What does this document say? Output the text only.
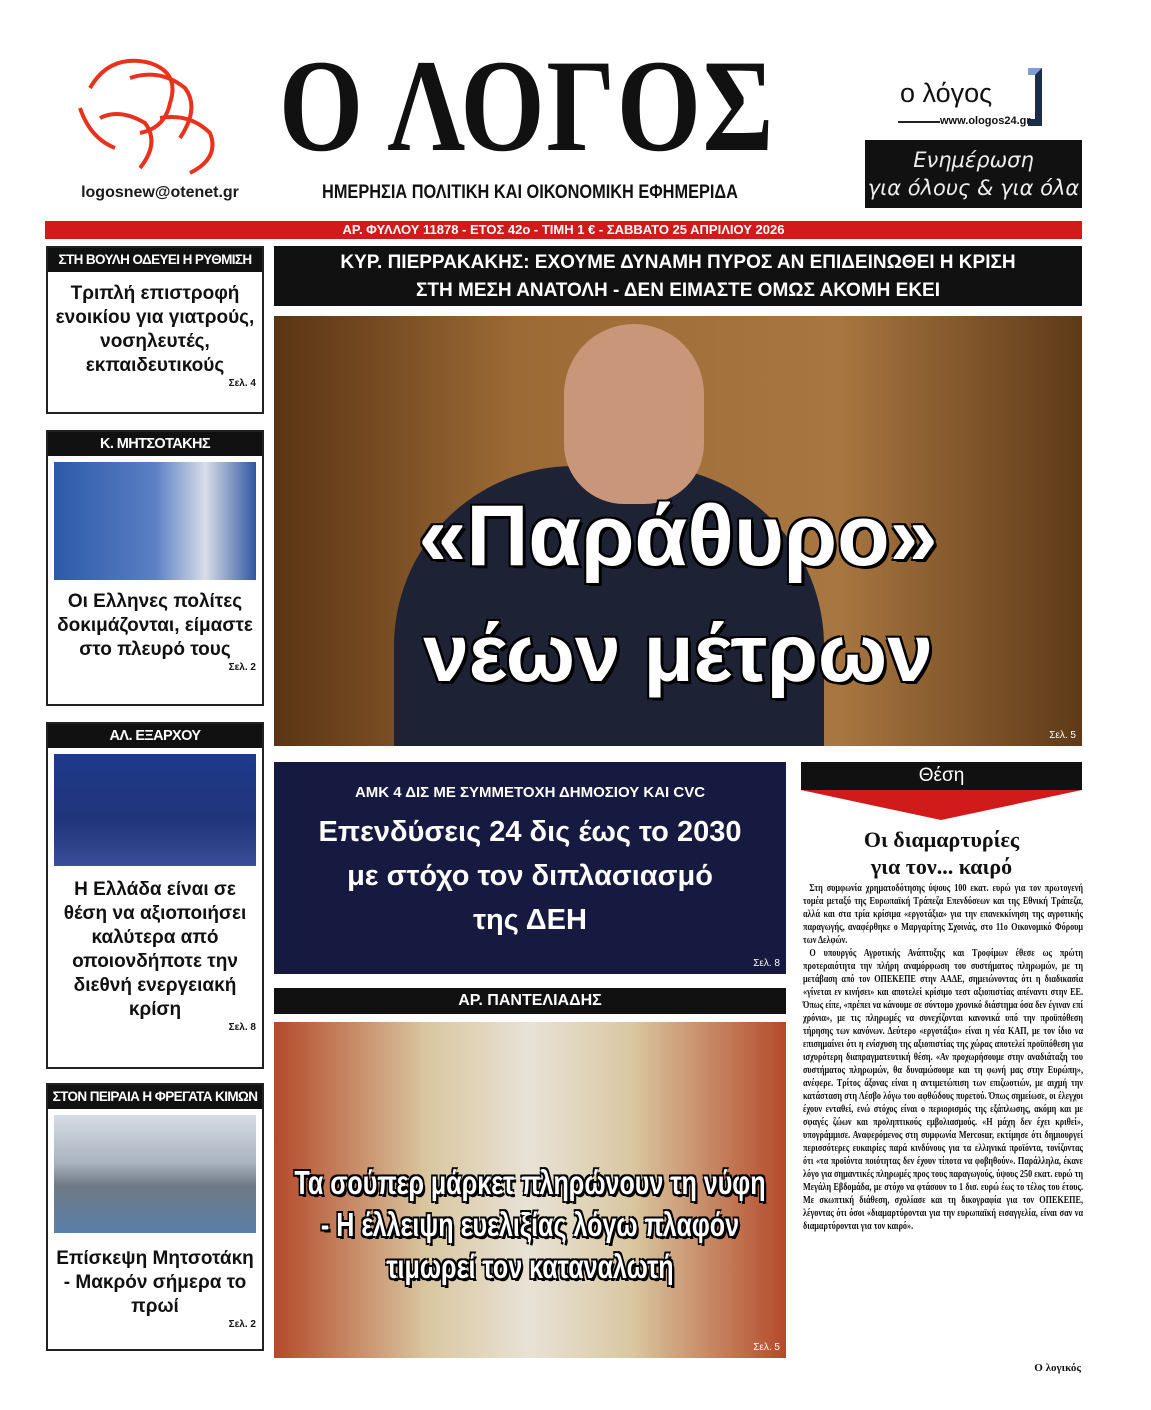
logosnew@otenet.gr
Ο ΛΟΓΟΣ
ΗΜΕΡΗΣΙΑ ΠΟΛΙΤΙΚΗ ΚΑΙ ΟΙΚΟΝΟΜΙΚΗ ΕΦΗΜΕΡΙΔΑ
ο λόγος
www.ologos24.gr
Ενημέρωση
για όλους & για όλα
ΑΡ. ΦΥΛΛΟΥ 11878 - ΕΤΟΣ 42ο - ΤΙΜΗ 1 € - ΣΑΒΒΑΤΟ 25 ΑΠΡΙΛΙΟΥ 2026
ΣΤΗ ΒΟΥΛΗ ΟΔΕΥΕΙ Η ΡΥΘΜΙΣΗ
Τριπλή επιστροφή ενοικίου για γιατρούς, νοσηλευτές, εκπαιδευτικούς
Σελ. 4
Κ. ΜΗΤΣΟΤΑΚΗΣ
Οι Ελληνες πολίτες δοκιμάζονται, είμαστε στο πλευρό τους
Σελ. 2
ΑΛ. ΕΞΑΡΧΟΥ
Η Ελλάδα είναι σε θέση να αξιοποιήσει καλύτερα από οποιονδήποτε την διεθνή ενεργειακή κρίση
Σελ. 8
ΣΤΟΝ ΠΕΙΡΑΙΑ Η ΦΡΕΓΑΤΑ ΚΙΜΩΝ
Επίσκεψη Μητσοτάκη - Μακρόν σήμερα το πρωί
Σελ. 2
ΚΥΡ. ΠΙΕΡΡΑΚΑΚΗΣ: ΕΧΟΥΜΕ ΔΥΝΑΜΗ ΠΥΡΟΣ ΑΝ ΕΠΙΔΕΙΝΩΘΕΙ Η ΚΡΙΣΗ
ΣΤΗ ΜΕΣΗ ΑΝΑΤΟΛΗ - ΔΕΝ ΕΙΜΑΣΤΕ ΟΜΩΣ ΑΚΟΜΗ ΕΚΕΙ
«Παράθυρο»
νέων μέτρων
Σελ. 5
ΑΜΚ 4 ΔΙΣ ΜΕ ΣΥΜΜΕΤΟΧΗ ΔΗΜΟΣΙΟΥ ΚΑΙ CVC
Επενδύσεις 24 δις έως το 2030
με στόχο τον διπλασιασμό
της ΔΕΗ
Σελ. 8
ΑΡ. ΠΑΝΤΕΛΙΑΔΗΣ
Τα σούπερ μάρκετ πληρώνουν τη νύφη
- Η έλλειψη ευελιξίας λόγω πλαφόν
τιμωρεί τον καταναλωτή
Σελ. 5
Θέση
Οι διαμαρτυρίες
για τον... καιρό

Στη συμφωνία χρηματοδότησης ύψους 100 εκατ. ευρώ για τον πρωτογενή τομέα μεταξύ της Ευρωπαϊκή Τράπεζα Επενδύσεων και της Εθνική Τράπεζα, αλλά και στα τρία κρίσιμα «εργοτάξια» για την επανεκκίνηση της αγροτικής παραγωγής, αναφέρθηκε ο Μαργαρίτης Σχοινάς, στο 11ο Οικονομικό Φόρουμ των Δελφών.

Ο υπουργός Αγροτικής Ανάπτυξης και Τροφίμων έθεσε ως πρώτη προτεραιότητα την πλήρη αναμόρφωση του συστήματος πληρωμών, με τη μετάβαση από τον ΟΠΕΚΕΠΕ στην ΑΑΔΕ, σημειώνοντας ότι η διαδικασία «γίνεται εν κινήσει» και αποτελεί κρίσιμο τεστ αξιοπιστίας απέναντι στην ΕΕ. Όπως είπε, «πρέπει να κάνουμε σε σύντομο χρονικό διάστημα όσα δεν έγιναν επί χρόνια», με τις πληρωμές να συνεχίζονται κανονικά υπό την προϋπόθεση τήρησης των κανόνων. Δεύτερο «εργοτάξιο» είναι η νέα ΚΑΠ, με τον ίδιο να επισημαίνει ότι η ενίσχυση της αξιοπιστίας της χώρας αποτελεί προϋπόθεση για ισχυρότερη διαπραγματευτική θέση. «Αν προχωρήσουμε στην αναδιάταξη του συστήματος πληρωμών, θα δυναμώσουμε και τη φωνή μας στην Ευρώπη», ανέφερε. Τρίτος άξονας είναι η αντιμετώπιση των επιζωοτιών, με αιχμή την κατάσταση στη Λέσβο λόγω του αφθώδους πυρετού. Όπως σημείωσε, οι έλεγχοι έχουν ενταθεί, ενώ στόχος είναι ο περιορισμός της εξάπλωσης, ακόμη και με σφαγές ζώων και προληπτικούς εμβολιασμούς. «Η μάχη δεν έχει κριθεί», υπογράμμισε. Αναφερόμενος στη συμφωνία Mercosur, εκτίμησε ότι δημιουργεί περισσότερες ευκαιρίες παρά κινδύνους για τα ελληνικά προϊόντα, τονίζοντας ότι «τα προϊόντα ποιότητας δεν έχουν τίποτα να φοβηθούν». Παράλληλα, έκανε λόγο για σημαντικές πληρωμές προς τους παραγωγούς, ύψους 250 εκατ. ευρώ τη Μεγάλη Εβδομάδα, με στόχο να φτάσουν το 1 δισ. ευρώ έως το τέλος του έτους. Με σκωπτική διάθεση, σχολίασε και τη δικογραφία για τον ΟΠΕΚΕΠΕ, λέγοντας ότι όσοι «διαμαρτύρονται για την ευρωπαϊκή εισαγγελία, είναι σαν να διαμαρτύρονται για τον καιρό».

Ο λογικός
